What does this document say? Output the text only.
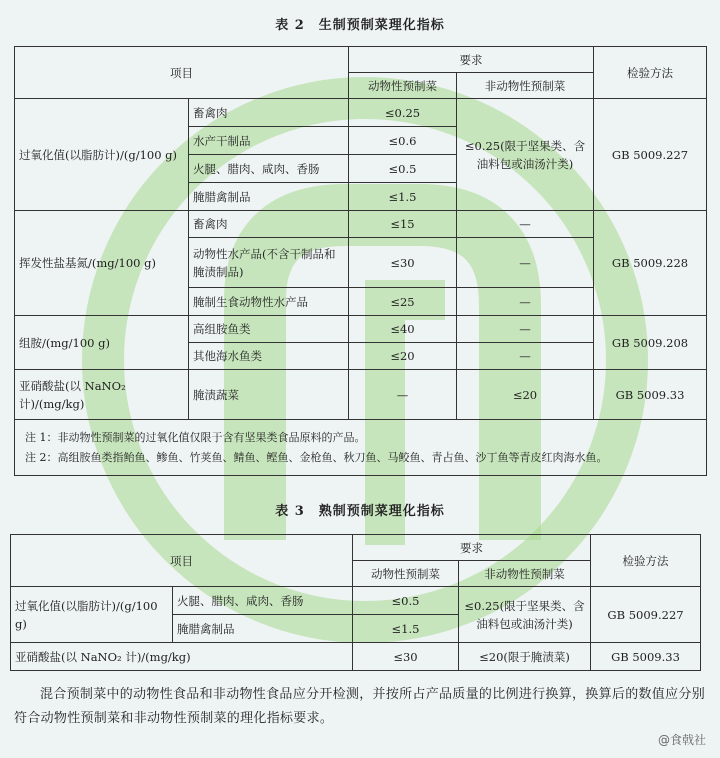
表 2　生制预制菜理化指标
项目		要求		检验方法
		动物性预制菜	非动物性预制菜	
过氧化值(以脂肪计)/(g/100 g)	畜禽肉	≤0.25	≤0.25(限于坚果类、含油料包或油汤汁类)	GB 5009.227
	水产干制品	≤0.6		
	火腿、腊肉、咸肉、香肠	≤0.5		
	腌腊禽制品	≤1.5		
挥发性盐基氮/(mg/100 g)	畜禽肉	≤15	—	GB 5009.228
	动物性水产品(不含干制品和腌渍制品)	≤30	—	
	腌制生食动物性水产品	≤25	—	
组胺/(mg/100 g)	高组胺鱼类	≤40	—	GB 5009.208
	其他海水鱼类	≤20	—	
亚硝酸盐(以 NaNO₂ 计)/(mg/kg)	腌渍蔬菜	—	≤20	GB 5009.33

注 1：非动物性预制菜的过氧化值仅限于含有坚果类食品原料的产品。
注 2：高组胺鱼类指鲐鱼、鲹鱼、竹荚鱼、鲭鱼、鲣鱼、金枪鱼、秋刀鱼、马鲛鱼、青占鱼、沙丁鱼等青皮红肉海水鱼。				
表 3　熟制预制菜理化指标
项目		要求		检验方法
		动物性预制菜	非动物性预制菜	
过氧化值(以脂肪计)/(g/100 g)	火腿、腊肉、咸肉、香肠	≤0.5	≤0.25(限于坚果类、含油料包或油汤汁类)	GB 5009.227
	腌腊禽制品	≤1.5		
亚硝酸盐(以 NaNO₂ 计)/(mg/kg)		≤30	≤20(限于腌渍菜)	GB 5009.33
混合预制菜中的动物性食品和非动物性食品应分开检测，并按所占产品质量的比例进行换算，换算后的数值应分别符合动物性预制菜和非动物性预制菜的理化指标要求。
@食戟社
